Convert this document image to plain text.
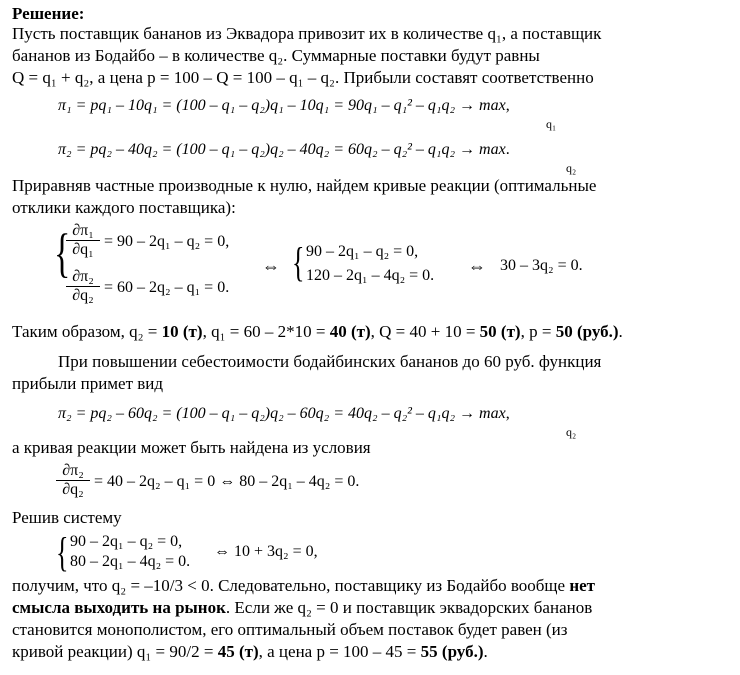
Решение:
Пусть поставщик бананов из Эквадора привозит их в количестве q₁, а поставщик
бананов из Бодайбо – в количестве q₂. Суммарные поставки будут равны
Q = q₁ + q₂, а цена p = 100 – Q = 100 – q₁ – q₂. Прибыли составят соответственно
π₁ = pq₁ – 10q₁ = (100 – q₁ – q₂)q₁ – 10q₁ = 90q₁ – q₁² – q₁q₂ → max,
q₁
π₂ = pq₂ – 40q₂ = (100 – q₁ – q₂)q₂ – 40q₂ = 60q₂ – q₂² – q₁q₂ → max.
q₂
Приравняв частные производные к нулю, найдем кривые реакции (оптимальные
отклики каждого поставщика):
{
$\frac{\text{∂π₁}}{\text{∂q₁}} = 90 - 2q_1 - q_2 = 0$,
$\frac{\text{∂π₂}}{\text{∂q₂}} = 60 - 2q_2 - q_1 = 0$.
⇔ { 90 – 2q₁ – q₂ = 0,
120 – 2q₁ – 4q₂ = 0. ⇔ 30 – 3q₂ = 0.
Таким образом, q₂ = 10 (т), q₁ = 60 – 2*10 = 40 (т), Q = 40 + 10 = 50 (т), p = 50 (руб.).
При повышении себестоимости бодайбинских бананов до 60 руб. функция
прибыли примет вид
π₂ = pq₂ – 60q₂ = (100 – q₁ – q₂)q₂ – 60q₂ = 40q₂ – q₂² – q₁q₂ → max,
q₂
а кривая реакции может быть найдена из условия
$\frac{\text{∂π₂}}{\text{∂q₂}} = 40 - 2q_2 - q_1 = 0$ ⇔ 80 – 2q₁ – 4q₂ = 0.
Решив систему
{ 90 – 2q₁ – q₂ = 0,
80 – 2q₁ – 4q₂ = 0.
⇔ 10 + 3q₂ = 0,
получим, что q₂ = –10/3 < 0. Следовательно, поставщику из Бодайбо вообще нет
смысла выходить на рынок. Если же q₂ = 0 и поставщик эквадорских бананов
становится монополистом, его оптимальный объем поставок будет равен (из
кривой реакции) q₁ = 90/2 = 45 (т), а цена p = 100 – 45 = 55 (руб.).
